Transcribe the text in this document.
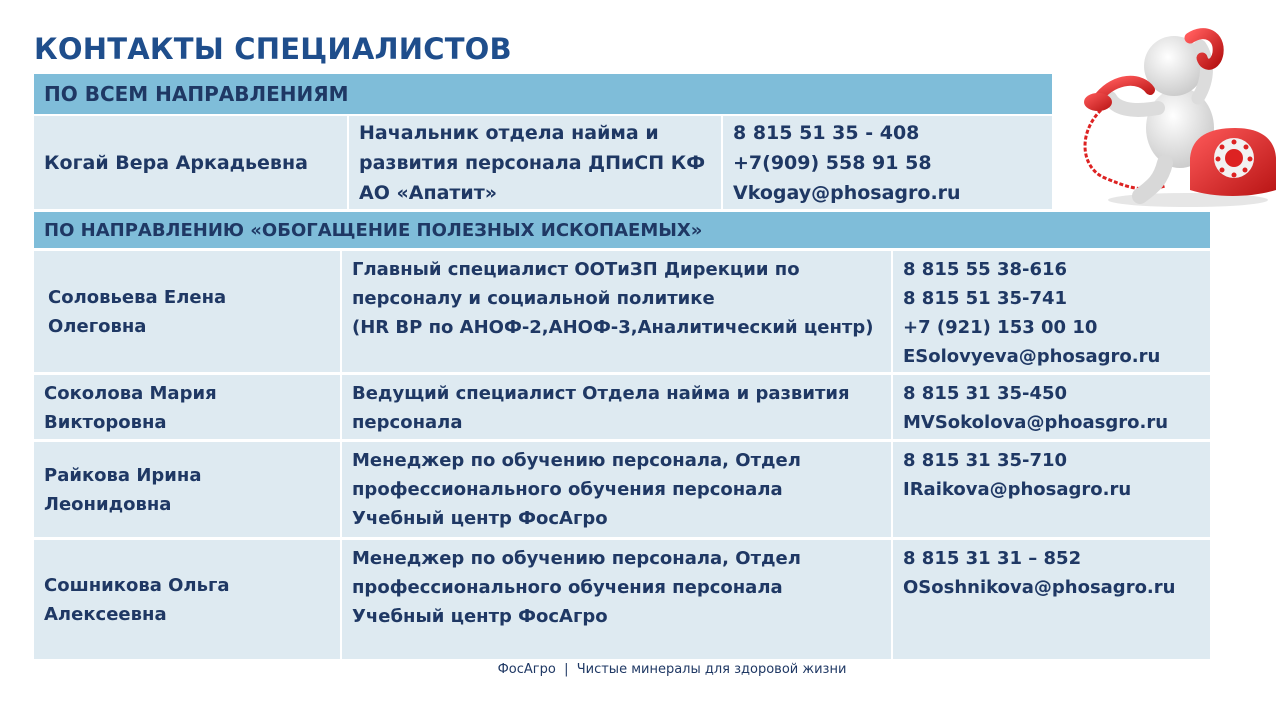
КОНТАКТЫ СПЕЦИАЛИСТОВ
ПО ВСЕМ НАПРАВЛЕНИЯМ
Когай Вера Аркадьевна
Начальник отдела найма и
развития персонала ДПиСП КФ
АО «Апатит»
8 815 51 35 - 408
+7(909) 558 91 58
Vkogay@phosagro.ru
ПО НАПРАВЛЕНИЮ «ОБОГАЩЕНИЕ ПОЛЕЗНЫХ ИСКОПАЕМЫХ»
Соловьева Елена Олеговна
Главный специалист ООТиЗП Дирекции по
персоналу и социальной политике
(HR BP по АНОФ-2,АНОФ-3,Аналитический центр)
8 815 55 38-616
8 815 51 35-741
+7 (921) 153 00 10
ESolovyeva@phosagro.ru
Соколова Мария
Викторовна
Ведущий специалист Отдела найма и развития
персонала
8 815 31 35-450
MVSokolova@phoasgro.ru
Райкова Ирина
Леонидовна
Менеджер по обучению персонала, Отдел
профессионального обучения персонала
Учебный центр ФосАгро
8 815 31 35-710
IRaikova@phosagro.ru
Сошникова Ольга
Алексеевна
Менеджер по обучению персонала, Отдел
профессионального обучения персонала
Учебный центр ФосАгро
8 815 31 31 – 852
OSoshnikova@phosagro.ru
ФосАгро  |  Чистые минералы для здоровой жизни
